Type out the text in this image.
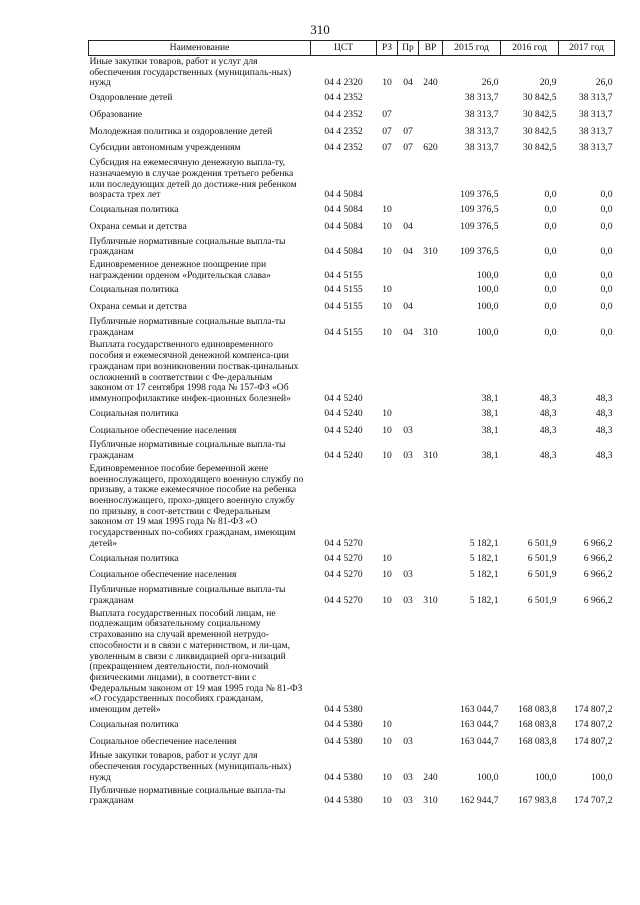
310
Наименование	ЦСТ	РЗ	Пр	ВР	2015 год	2016 год	2017 год
Иные закупки товаров, работ и услуг для обеспечения государственных (муниципаль-ных) нужд	04 4 2320	10	04	240	26,0	20,9	26,0
Оздоровление детей	04 4 2352				38 313,7	30 842,5	38 313,7
Образование	04 4 2352	07			38 313,7	30 842,5	38 313,7
Молодежная политика и оздоровление детей	04 4 2352	07	07		38 313,7	30 842,5	38 313,7
Субсидии автономным учреждениям	04 4 2352	07	07	620	38 313,7	30 842,5	38 313,7
Субсидия на ежемесячную денежную выпла-ту, назначаемую в случае рождения третьего ребенка или последующих детей до достиже-ния ребенком возраста трех лет	04 4 5084				109 376,5	0,0	0,0
Социальная политика	04 4 5084	10			109 376,5	0,0	0,0
Охрана семьи и детства	04 4 5084	10	04		109 376,5	0,0	0,0
Публичные нормативные социальные выпла-ты гражданам	04 4 5084	10	04	310	109 376,5	0,0	0,0
Единовременное денежное поощрение при награждении орденом «Родительская слава»	04 4 5155				100,0	0,0	0,0
Социальная политика	04 4 5155	10			100,0	0,0	0,0
Охрана семьи и детства	04 4 5155	10	04		100,0	0,0	0,0
Публичные нормативные социальные выпла-ты гражданам	04 4 5155	10	04	310	100,0	0,0	0,0
Выплата государственного единовременного пособия и ежемесячной денежной компенса-ции гражданам при возникновении поствак-цинальных осложнений в соответствии с Фе-деральным законом от 17 сентября 1998 года № 157-ФЗ «Об иммунопрофилактике инфек-ционных болезней»	04 4 5240				38,1	48,3	48,3
Социальная политика	04 4 5240	10			38,1	48,3	48,3
Социальное обеспечение населения	04 4 5240	10	03		38,1	48,3	48,3
Публичные нормативные социальные выпла-ты гражданам	04 4 5240	10	03	310	38,1	48,3	48,3
Единовременное пособие беременной жене военнослужащего, проходящего военную службу по призыву, а также ежемесячное пособие на ребенка военнослужащего, прохо-дящего военную службу по призыву, в соот-ветствии с Федеральным законом от 19 мая 1995 года № 81-ФЗ «О государственных по-собиях гражданам, имеющим детей»	04 4 5270				5 182,1	6 501,9	6 966,2
Социальная политика	04 4 5270	10			5 182,1	6 501,9	6 966,2
Социальное обеспечение населения	04 4 5270	10	03		5 182,1	6 501,9	6 966,2
Публичные нормативные социальные выпла-ты гражданам	04 4 5270	10	03	310	5 182,1	6 501,9	6 966,2
Выплата государственных пособий лицам, не подлежащим обязательному социальному страхованию на случай временной нетрудо-способности и в связи с материнством, и ли-цам, уволенным в связи с ликвидацией орга-низаций (прекращением деятельности, пол-номочий физическими лицами), в соответст-вии с Федеральным законом от 19 мая 1995 года № 81-ФЗ «О государственных пособиях гражданам, имеющим детей»	04 4 5380				163 044,7	168 083,8	174 807,2
Социальная политика	04 4 5380	10			163 044,7	168 083,8	174 807,2
Социальное обеспечение населения	04 4 5380	10	03		163 044,7	168 083,8	174 807,2
Иные закупки товаров, работ и услуг для обеспечения государственных (муниципаль-ных) нужд	04 4 5380	10	03	240	100,0	100,0	100,0
Публичные нормативные социальные выпла-ты гражданам	04 4 5380	10	03	310	162 944,7	167 983,8	174 707,2
